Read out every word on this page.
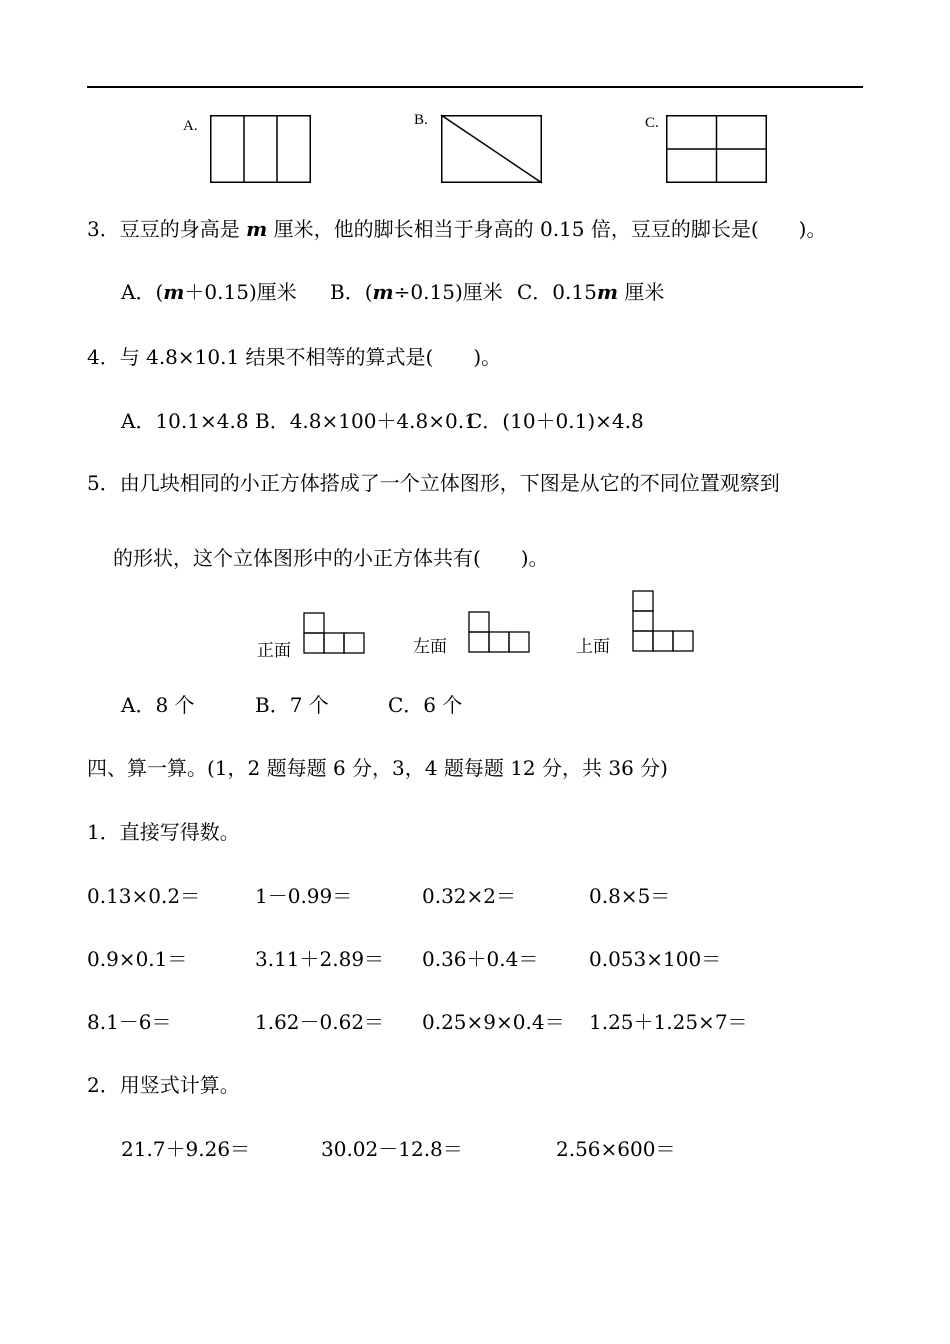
A.	B.	C.
3．豆豆的身高是 m 厘米，他的脚长相当于身高的 0.15 倍，豆豆的脚长是(　　)。
A．(m＋0.15)厘米 B．(m÷0.15)厘米 C．0.15m 厘米
4．与 4.8×10.1 结果不相等的算式是(　　)。
A．10.1×4.8 B．4.8×100＋4.8×0.1
C．(10＋0.1)×4.8
5．由几块相同的小正方体搭成了一个立体图形，下图是从它的不同位置观察到
的形状，这个立体图形中的小正方体共有(　　)。
正面	左面	上面
A．8 个	B．7 个	C．6 个
四、算一算。(1，2 题每题 6 分，3，4 题每题 12 分，共 36 分)
1．直接写得数。
0.13×0.2＝	1－0.99＝	0.32×2＝	0.8×5＝
0.9×0.1＝	3.11＋2.89＝ 0.36＋0.4＝	0.053×100＝
8.1－6＝	1.62－0.62＝ 0.25×9×0.4＝ 1.25＋1.25×7＝
2．用竖式计算。
21.7＋9.26＝	30.02－12.8＝	2.56×600＝
